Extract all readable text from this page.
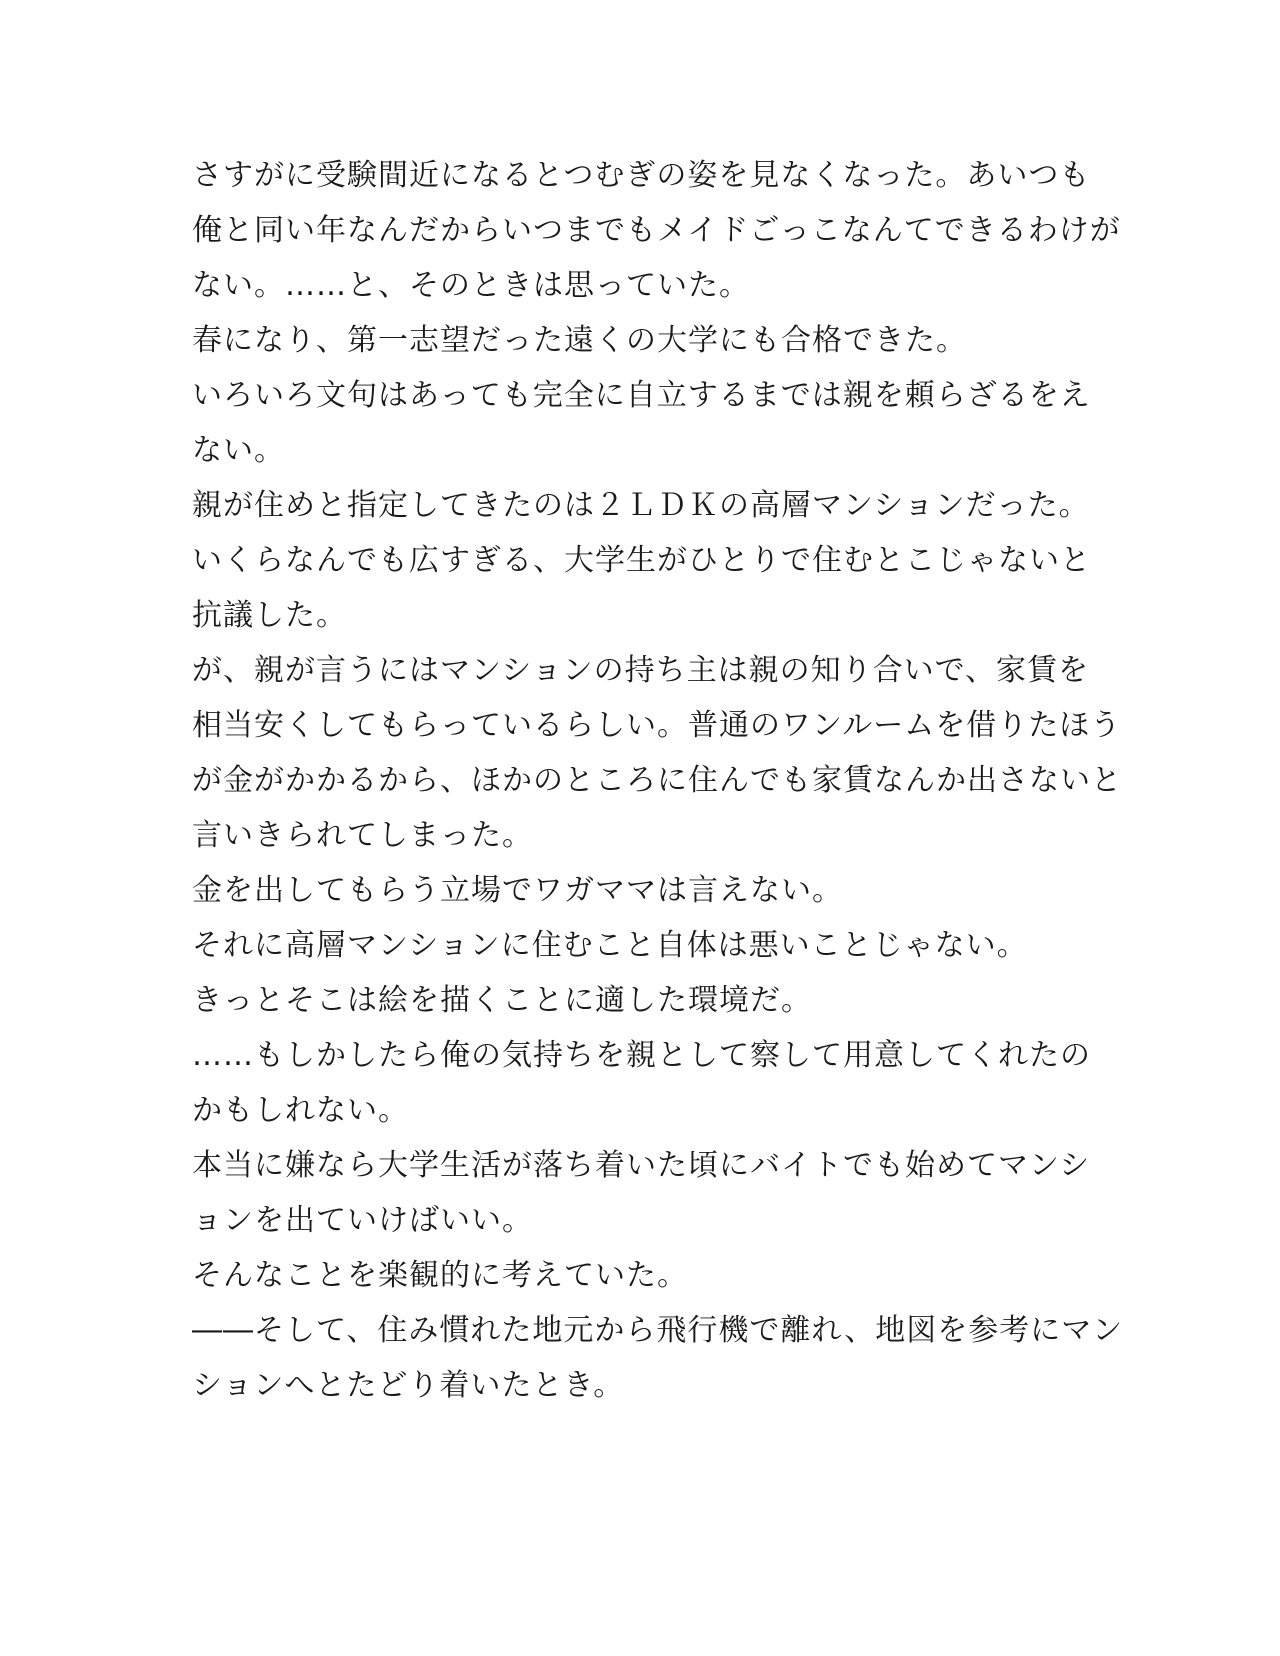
さすがに受験間近になるとつむぎの姿を見なくなった。あいつも
俺と同い年なんだからいつまでもメイドごっこなんてできるわけが
ない。……と、そのときは思っていた。

春になり、第一志望だった遠くの大学にも合格できた。

いろいろ文句はあっても完全に自立するまでは親を頼らざるをえ
ない。

親が住めと指定してきたのは２ＬＤＫの高層マンションだった。

いくらなんでも広すぎる、大学生がひとりで住むとこじゃないと
抗議した。

が、親が言うにはマンションの持ち主は親の知り合いで、家賃を
相当安くしてもらっているらしい。普通のワンルームを借りたほう
が金がかかるから、ほかのところに住んでも家賃なんか出さないと
言いきられてしまった。

金を出してもらう立場でワガママは言えない。

それに高層マンションに住むこと自体は悪いことじゃない。

きっとそこは絵を描くことに適した環境だ。

……もしかしたら俺の気持ちを親として察して用意してくれたの
かもしれない。

本当に嫌なら大学生活が落ち着いた頃にバイトでも始めてマンシ
ョンを出ていけばいい。

そんなことを楽観的に考えていた。

――そして、住み慣れた地元から飛行機で離れ、地図を参考にマン
ションへとたどり着いたとき。
